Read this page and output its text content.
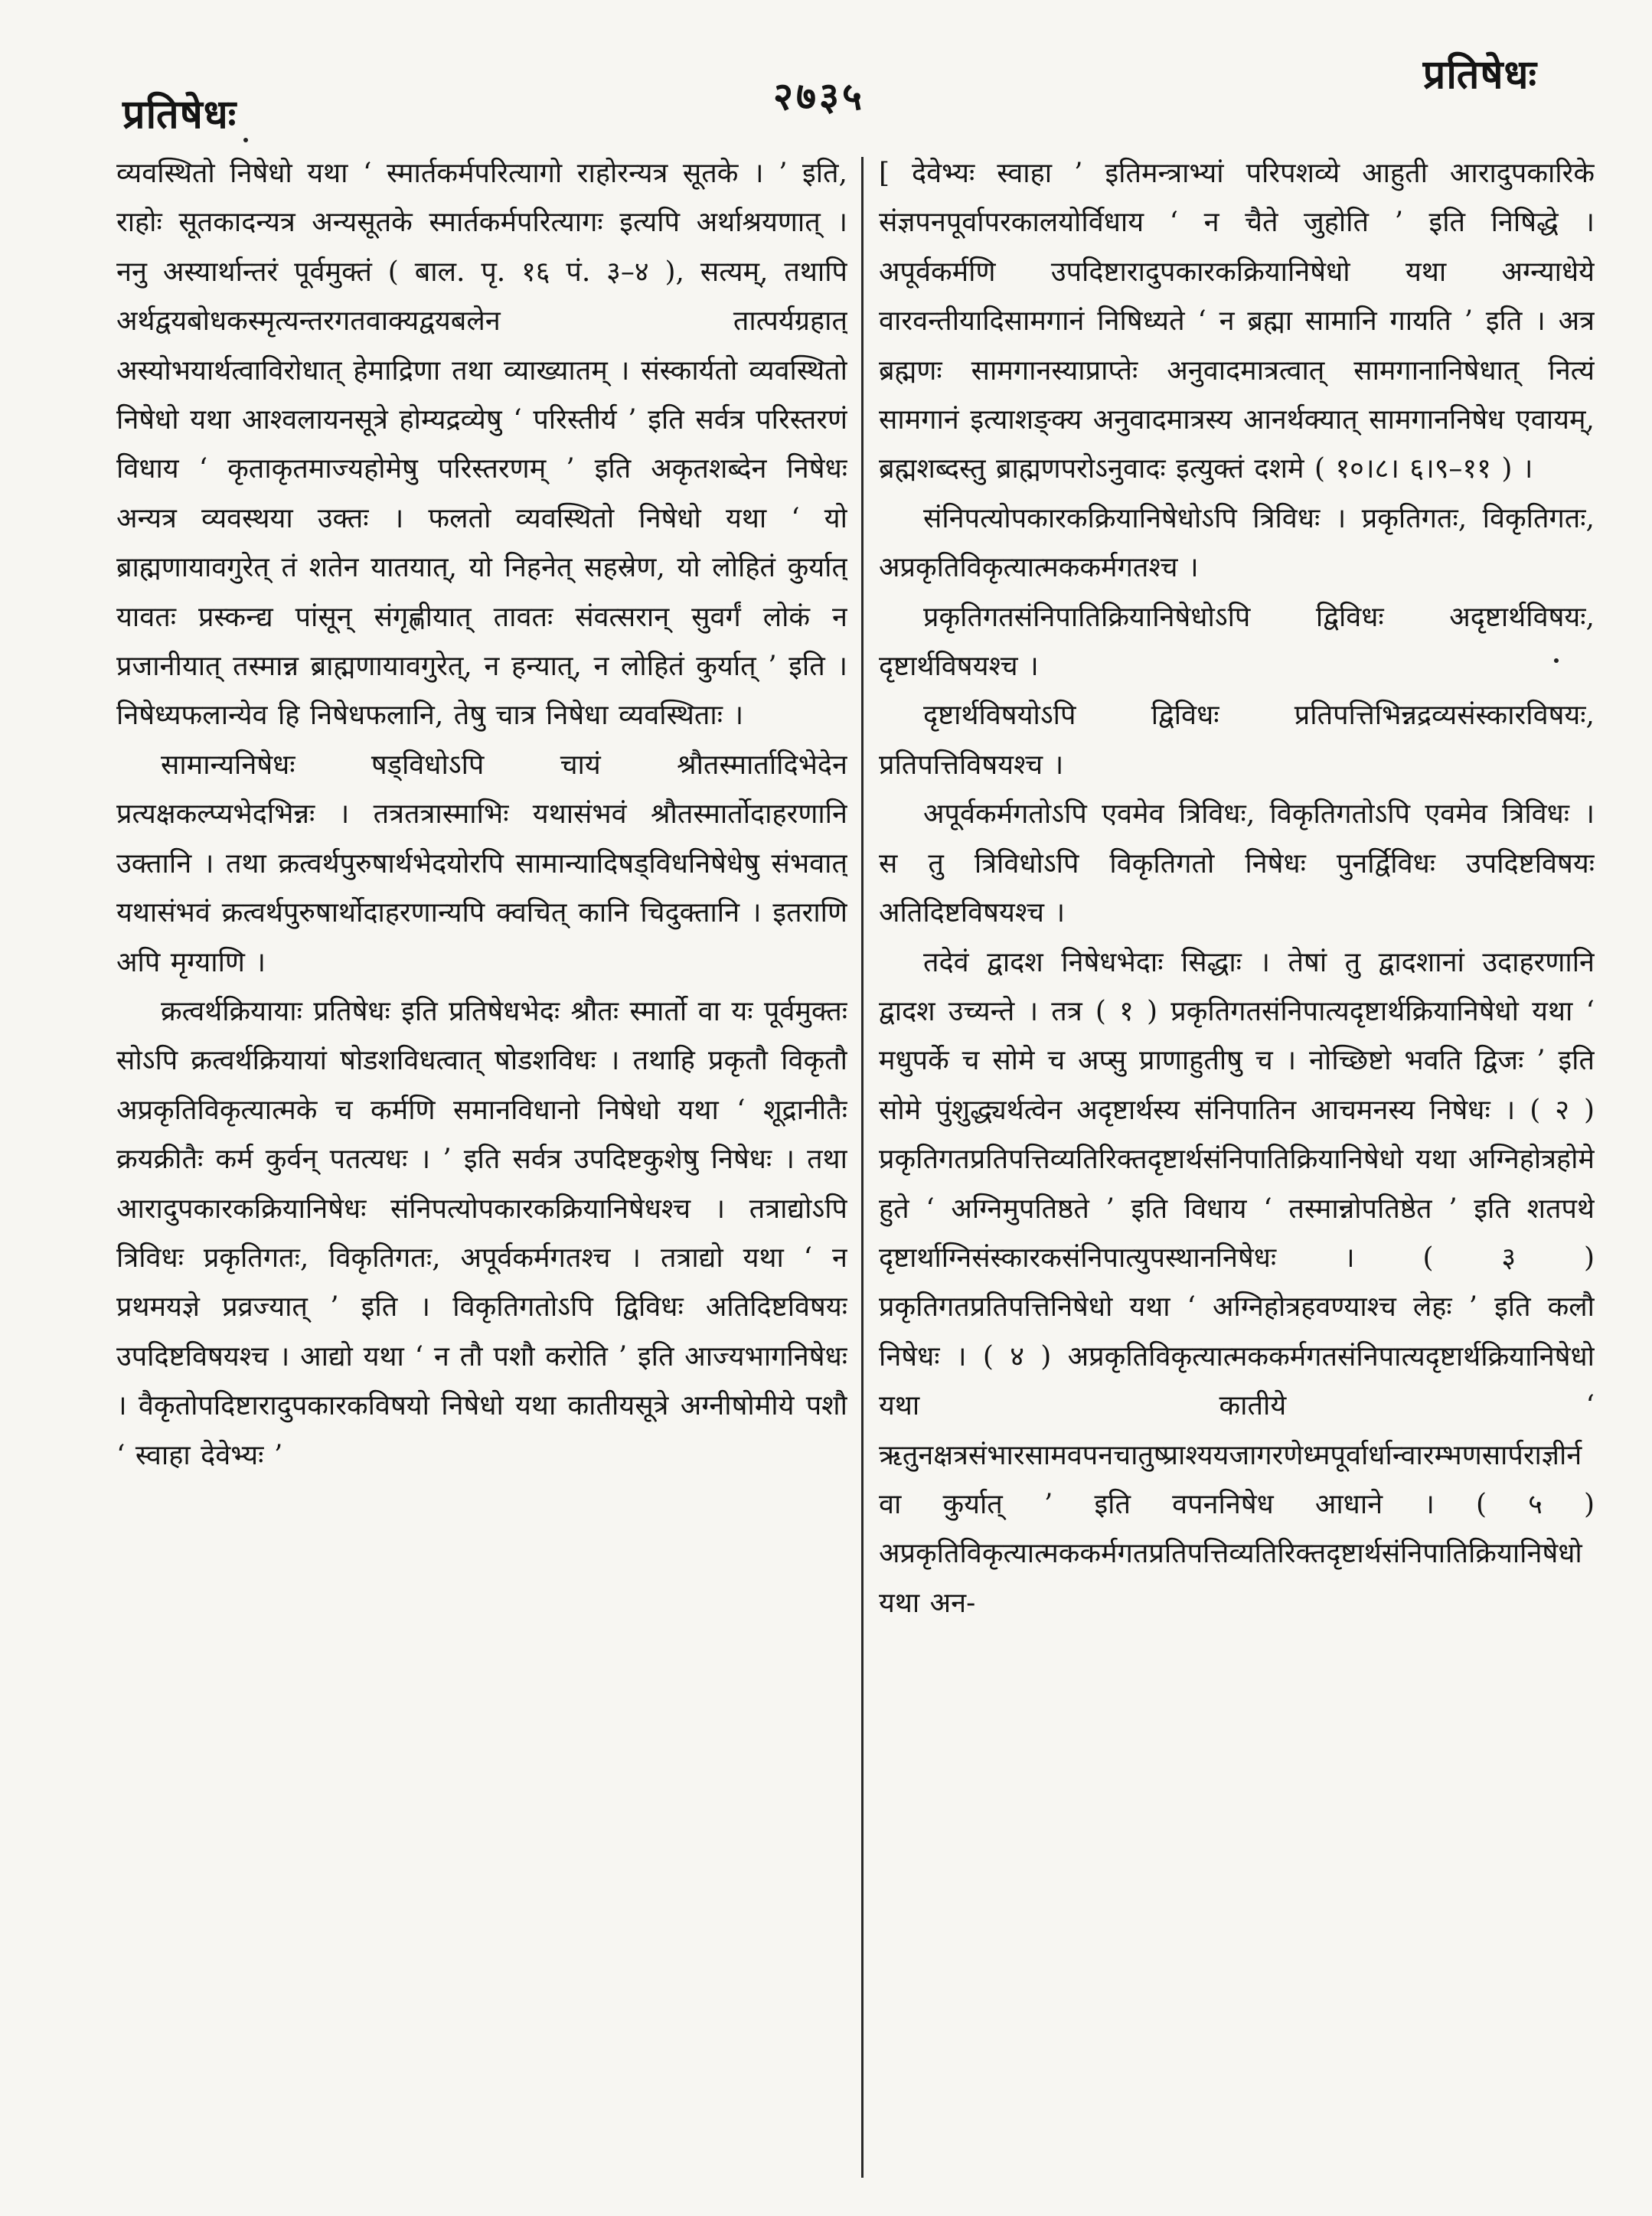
प्रतिषेधः	२७३५	प्रतिषेधः

व्यवस्थितो निषेधो यथा ‘ स्मार्तकर्मपरित्यागो राहोरन्यत्र सूतके । ’ इति, राहोः सूतकादन्यत्र अन्यसूतके स्मार्तकर्मपरित्यागः इत्यपि अर्थाश्रयणात् । ननु अस्यार्थान्तरं पूर्वमुक्तं ( बाल. पृ. १६ पं. ३–४ ), सत्यम्, तथापि अर्थद्वयबोधकस्मृत्यन्तरगतवाक्यद्वयबलेन तात्पर्यग्रहात् अस्योभयार्थत्वाविरोधात् हेमाद्रिणा तथा व्याख्यातम् । संस्कार्यतो व्यवस्थितो निषेधो यथा आश्वलायनसूत्रे होम्यद्रव्येषु ‘ परिस्तीर्य ’ इति सर्वत्र परिस्तरणं विधाय ‘ कृताकृतमाज्यहोमेषु परिस्तरणम् ’ इति अकृतशब्देन निषेधः अन्यत्र व्यवस्थया उक्तः । फलतो व्यवस्थितो निषेधो यथा ‘ यो ब्राह्मणायावगुरेत् तं शतेन यातयात्, यो निहनेत् सहस्रेण, यो लोहितं कुर्यात् यावतः प्रस्कन्द्य पांसून् संगृह्णीयात् तावतः संवत्सरान् सुवर्गं लोकं न प्रजानीयात् तस्मान्न ब्राह्मणायावगुरेत्, न हन्यात्, न लोहितं कुर्यात् ’ इति । निषेध्यफलान्येव हि निषेधफलानि, तेषु चात्र निषेधा व्यवस्थिताः ।

सामान्यनिषेधः षड्विधोऽपि चायं श्रौतस्मार्तादिभेदेन प्रत्यक्षकल्प्यभेदभिन्नः । तत्रतत्रास्माभिः यथासंभवं श्रौतस्मार्तोदाहरणानि उक्तानि । तथा क्रत्वर्थपुरुषार्थभेदयोरपि सामान्यादिषड्विधनिषेधेषु संभवात् यथासंभवं क्रत्वर्थपुरुषार्थोदाहरणान्यपि क्वचित् कानि चिदुक्तानि । इतराणि अपि मृग्याणि ।

क्रत्वर्थक्रियायाः प्रतिषेधः इति प्रतिषेधभेदः श्रौतः स्मार्तो वा यः पूर्वमुक्तः सोऽपि क्रत्वर्थक्रियायां षोडशविधत्वात् षोडशविधः । तथाहि प्रकृतौ विकृतौ अप्रकृतिविकृत्यात्मके च कर्मणि समानविधानो निषेधो यथा ‘ शूद्रानीतैः क्रयक्रीतैः कर्म कुर्वन् पतत्यधः । ’ इति सर्वत्र उपदिष्टकुशेषु निषेधः । तथा आरादुपकारकक्रियानिषेधः संनिपत्योपकारकक्रियानिषेधश्च । तत्राद्योऽपि त्रिविधः प्रकृतिगतः, विकृतिगतः, अपूर्वकर्मगतश्च । तत्राद्यो यथा ‘ न प्रथमयज्ञे प्रव्रज्यात् ’ इति । विकृतिगतोऽपि द्विविधः अतिदिष्टविषयः उपदिष्टविषयश्च । आद्यो यथा ‘ न तौ पशौ करोति ’ इति आज्यभागनिषेधः । वैकृतोपदिष्टारादुपकारकविषयो निषेधो यथा कातीयसूत्रे अग्नीषोमीये पशौ ‘ स्वाहा देवेभ्यः ’

[ देवेभ्यः स्वाहा ’ इतिमन्त्राभ्यां परिपशव्ये आहुती आरादुपकारिके संज्ञपनपूर्वापरकालयोर्विधाय ‘ न चैते जुहोति ’ इति निषिद्धे । अपूर्वकर्मणि उपदिष्टारादुपकारकक्रियानिषेधो यथा अग्न्याधेये वारवन्तीयादिसामगानं निषिध्यते ‘ न ब्रह्मा सामानि गायति ’ इति । अत्र ब्रह्मणः सामगानस्याप्राप्तेः अनुवादमात्रत्वात् सामगानानिषेधात् नित्यं सामगानं इत्याशङ्क्य अनुवादमात्रस्य आनर्थक्यात् सामगाननिषेध एवायम्, ब्रह्मशब्दस्तु ब्राह्मणपरोऽनुवादः इत्युक्तं दशमे ( १०।८। ६।९–११ ) ।

संनिपत्योपकारकक्रियानिषेधोऽपि त्रिविधः । प्रकृतिगतः, विकृतिगतः, अप्रकृतिविकृत्यात्मककर्मगतश्च ।

प्रकृतिगतसंनिपातिक्रियानिषेधोऽपि द्विविधः अदृष्टार्थविषयः, दृष्टार्थविषयश्च ।

दृष्टार्थविषयोऽपि द्विविधः प्रतिपत्तिभिन्नद्रव्यसंस्कारविषयः, प्रतिपत्तिविषयश्च ।

अपूर्वकर्मगतोऽपि एवमेव त्रिविधः, विकृतिगतोऽपि एवमेव त्रिविधः । स तु त्रिविधोऽपि विकृतिगतो निषेधः पुनर्द्विविधः उपदिष्टविषयः अतिदिष्टविषयश्च ।

तदेवं द्वादश निषेधभेदाः सिद्धाः । तेषां तु द्वादशानां उदाहरणानि द्वादश उच्यन्ते । तत्र ( १ ) प्रकृतिगतसंनिपात्यदृष्टार्थक्रियानिषेधो यथा ‘ मधुपर्के च सोमे च अप्सु प्राणाहुतीषु च । नोच्छिष्टो भवति द्विजः ’ इति सोमे पुंशुद्ध्यर्थत्वेन अदृष्टार्थस्य संनिपातिन आचमनस्य निषेधः । ( २ ) प्रकृतिगतप्रतिपत्तिव्यतिरिक्तदृष्टार्थसंनिपातिक्रियानिषेधो यथा अग्निहोत्रहोमे हुते ‘ अग्निमुपतिष्ठते ’ इति विधाय ‘ तस्मान्नोपतिष्ठेत ’ इति शतपथे दृष्टार्थाग्निसंस्कारकसंनिपात्युपस्थाननिषेधः । ( ३ ) प्रकृतिगतप्रतिपत्तिनिषेधो यथा ‘ अग्निहोत्रहवण्याश्च लेहः ’ इति कलौ निषेधः । ( ४ ) अप्रकृतिविकृत्यात्मककर्मगतसंनिपात्यदृष्टार्थक्रियानिषेधो यथा कातीये ‘ ऋतुनक्षत्रसंभारसामवपनचातुष्प्राश्ययजागरणेध्मपूर्वार्धान्वारम्भणसार्पराज्ञीर्न वा कुर्यात् ’ इति वपननिषेध आधाने । ( ५ ) अप्रकृतिविकृत्यात्मककर्मगतप्रतिपत्तिव्यतिरिक्तदृष्टार्थसंनिपातिक्रियानिषेधो यथा अन-
